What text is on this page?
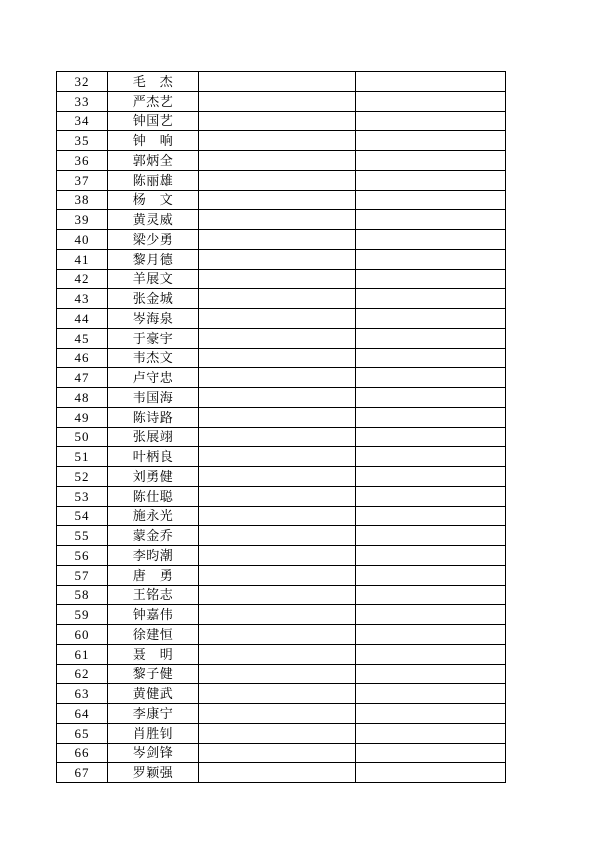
32	毛　杰		
33	严杰艺		
34	钟国艺		
35	钟　响		
36	郭炳全		
37	陈丽雄		
38	杨　文		
39	黄灵威		
40	梁少勇		
41	黎月德		
42	羊展文		
43	张金城		
44	岑海泉		
45	于豪宇		
46	韦杰文		
47	卢守忠		
48	韦国海		
49	陈诗路		
50	张展翊		
51	叶柄良		
52	刘勇健		
53	陈仕聪		
54	施永光		
55	蒙金乔		
56	李昀潮		
57	唐　勇		
58	王铭志		
59	钟嘉伟		
60	徐建恒		
61	聂　明		
62	黎子健		
63	黄健武		
64	李康宁		
65	肖胜钊		
66	岑剑锋		
67	罗颖强		
